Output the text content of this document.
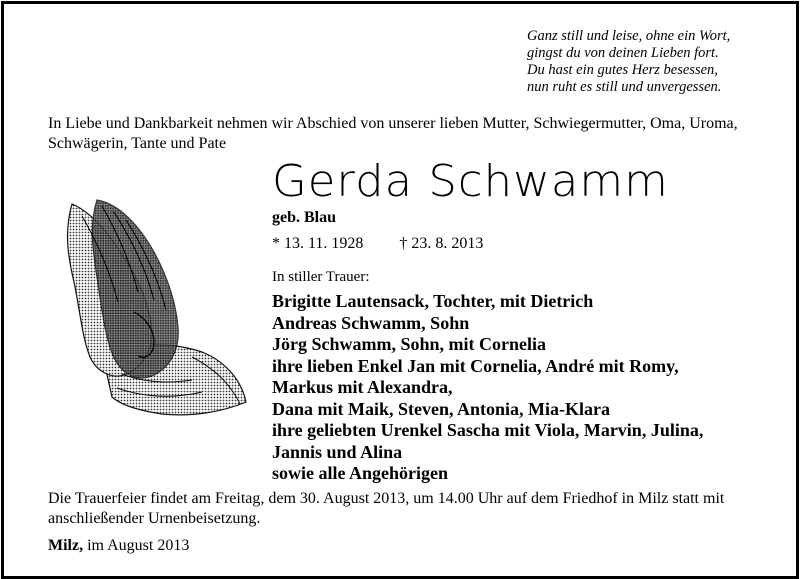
Ganz still und leise, ohne ein Wort,
gingst du von deinen Lieben fort.
Du hast ein gutes Herz besessen,
nun ruht es still und unvergessen.
In Liebe und Dankbarkeit nehmen wir Abschied von unserer lieben Mutter, Schwiegermutter, Oma, Uroma, Schwägerin, Tante und Pate
Gerda Schwamm
geb. Blau
* 13. 11. 1928 † 23. 8. 2013
In stiller Trauer:
Brigitte Lautensack, Tochter, mit Dietrich
Andreas Schwamm, Sohn
Jörg Schwamm, Sohn, mit Cornelia
ihre lieben Enkel Jan mit Cornelia, André mit Romy,
Markus mit Alexandra,
Dana mit Maik, Steven, Antonia, Mia-Klara
ihre geliebten Urenkel Sascha mit Viola, Marvin, Julina,
Jannis und Alina
sowie alle Angehörigen
Die Trauerfeier findet am Freitag, dem 30. August 2013, um 14.00 Uhr auf dem Friedhof in Milz statt mit anschließender Urnenbeisetzung.
Milz, im August 2013
